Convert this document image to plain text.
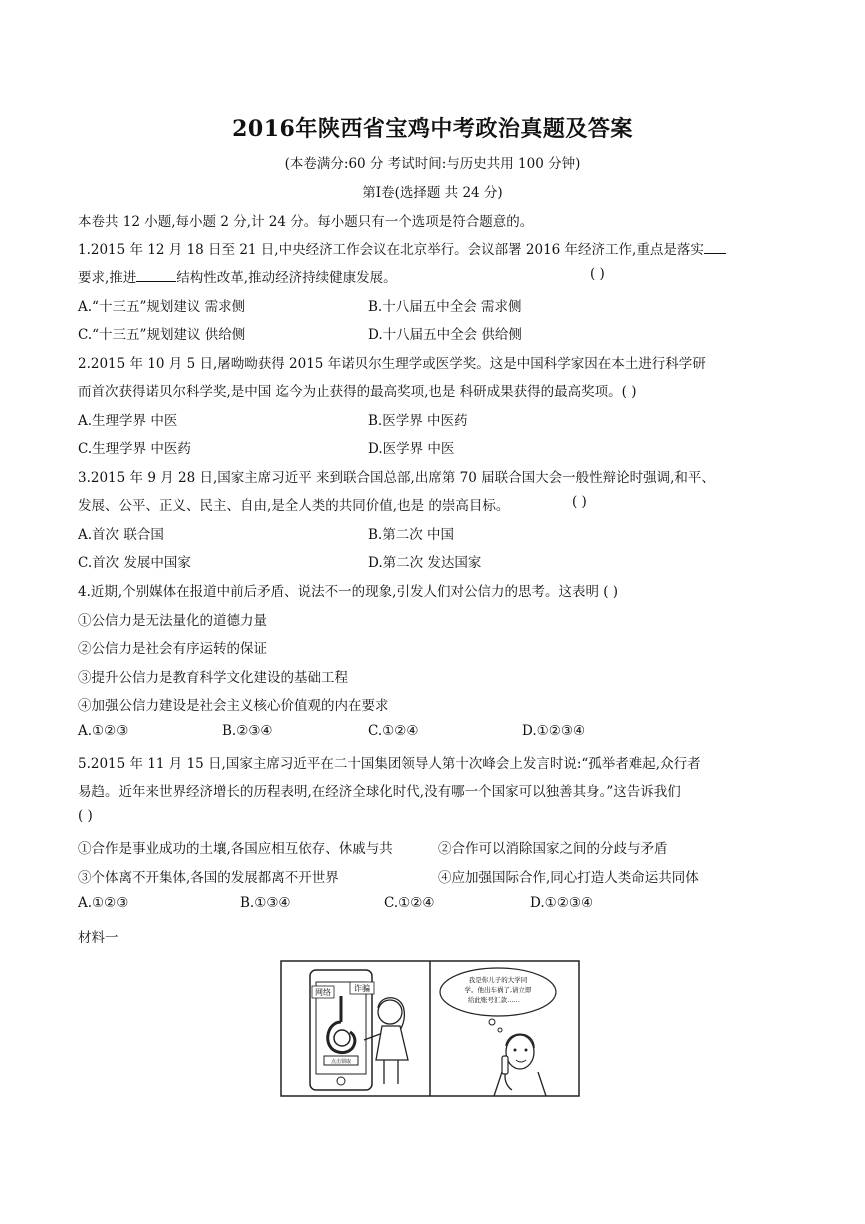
2016年陕西省宝鸡中考政治真题及答案
(本卷满分:60 分 考试时间:与历史共用 100 分钟)
第Ⅰ卷(选择题 共 24 分)
本卷共 12 小题,每小题 2 分,计 24 分。每小题只有一个选项是符合题意的。
1.2015 年 12 月 18 日至 21 日,中央经济工作会议在北京举行。会议部署 2016 年经济工作,重点是落实
要求,推进	结构性改革,推动经济持续健康发展。	( )
A.“十三五”规划建议 需求侧	B.十八届五中全会 需求侧
C.“十三五”规划建议 供给侧	D.十八届五中全会 供给侧
2.2015 年 10 月 5 日,屠呦呦获得 2015 年诺贝尔生理学或医学奖。这是中国科学家因在本土进行科学研
而首次获得诺贝尔科学奖,是中国 迄今为止获得的最高奖项,也是 科研成果获得的最高奖项。( )
A.生理学界 中医	B.医学界 中医药
C.生理学界 中医药	D.医学界 中医
3.2015 年 9 月 28 日,国家主席习近平 来到联合国总部,出席第 70 届联合国大会一般性辩论时强调,和平、
发展、公平、正义、民主、自由,是全人类的共同价值,也是 的崇高目标。	( )
A.首次 联合国	B.第二次 中国
C.首次 发展中国家	D.第二次 发达国家
4.近期,个别媒体在报道中前后矛盾、说法不一的现象,引发人们对公信力的思考。这表明 ( )
①公信力是无法量化的道德力量
②公信力是社会有序运转的保证
③提升公信力是教育科学文化建设的基础工程
④加强公信力建设是社会主义核心价值观的内在要求
A.①②③	B.②③④	C.①②④	D.①②③④
5.2015 年 11 月 15 日,国家主席习近平在二十国集团领导人第十次峰会上发言时说:“孤举者难起,众行者
易趋。近年来世界经济增长的历程表明,在经济全球化时代,没有哪一个国家可以独善其身。”这告诉我们
( )
①合作是事业成功的土壤,各国应相互依存、休戚与共	②合作可以消除国家之间的分歧与矛盾
③个体离不开集体,各国的发展都离不开世界	④应加强国际合作,同心打造人类命运共同体
A.①②③	B.①③④	C.①②④	D.①②③④
材料一
点击领取
网络	诈骗
我是你儿子的大学同
学。他出车祸了,请立即
给此账号汇款……
